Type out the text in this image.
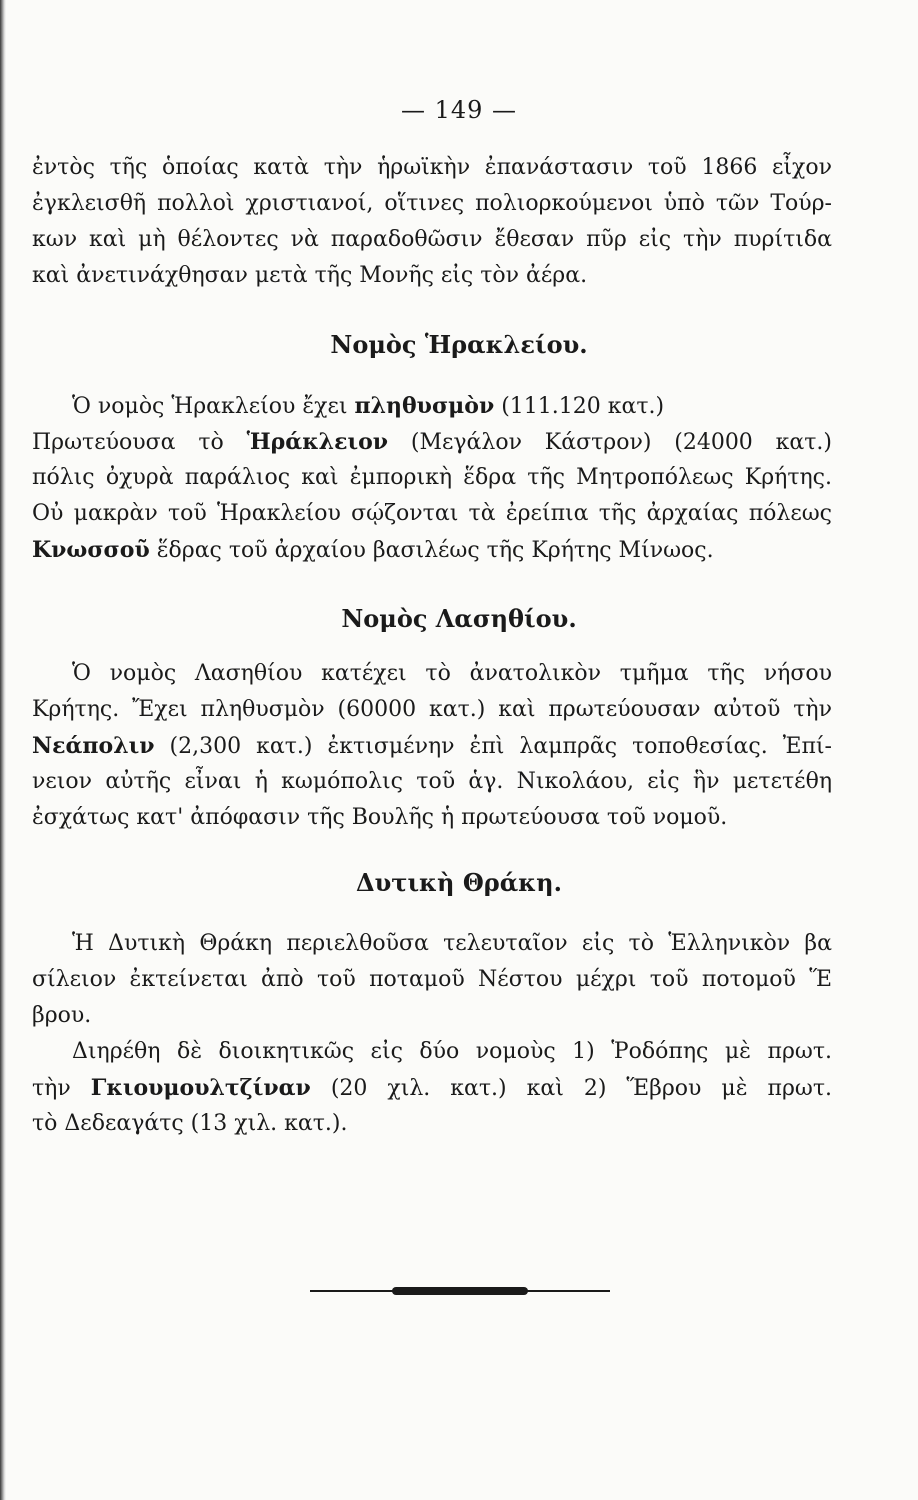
— 149 —
ἐντὸς τῆς ὁποίας κατὰ τὴν ἡρωϊκὴν ἐπανάστασιν τοῦ 1866 εἶχον
ἐγκλεισθῆ πολλοὶ χριστιανοί, οἵτινες πολιορκούμενοι ὑπὸ τῶν Τούρ-
κων καὶ μὴ θέλοντες νὰ παραδοθῶσιν ἔθεσαν πῦρ εἰς τὴν πυρίτιδα
καὶ ἀνετινάχθησαν μετὰ τῆς Μονῆς εἰς τὸν ἀέρα.
Νομὸς Ἡρακλείου.
Ὁ νομὸς Ἡρακλείου ἔχει πληθυσμὸν (111.120 κατ.)
Πρωτεύουσα τὸ Ἡράκλειον (Μεγάλον Κάστρον) (24000 κατ.)
πόλις ὀχυρὰ παράλιος καὶ ἐμπορικὴ ἕδρα τῆς Μητροπόλεως Κρήτης.
Οὐ μακρὰν τοῦ Ἡρακλείου σῴζονται τὰ ἐρείπια τῆς ἀρχαίας πόλεως
Κνωσσοῦ ἕδρας τοῦ ἀρχαίου βασιλέως τῆς Κρήτης Μίνωος.
Νομὸς Λασηθίου.
Ὁ νομὸς Λασηθίου κατέχει τὸ ἀνατολικὸν τμῆμα τῆς νήσου
Κρήτης. Ἔχει πληθυσμὸν (60000 κατ.) καὶ πρωτεύουσαν αὐτοῦ τὴν
Νεάπολιν (2,300 κατ.) ἐκτισμένην ἐπὶ λαμπρᾶς τοποθεσίας. Ἐπί-
νειον αὐτῆς εἶναι ἡ κωμόπολις τοῦ ἁγ. Νικολάου, εἰς ἣν μετετέθη
ἐσχάτως κατ' ἀπόφασιν τῆς Βουλῆς ἡ πρωτεύουσα τοῦ νομοῦ.
Δυτικὴ Θράκη.
Ἡ Δυτικὴ Θράκη περιελθοῦσα τελευταῖον εἰς τὸ Ἑλληνικὸν βα
σίλειον ἐκτείνεται ἀπὸ τοῦ ποταμοῦ Νέστου μέχρι τοῦ ποτομοῦ Ἕ
βρου.
Διηρέθη δὲ διοικητικῶς εἰς δύο νομοὺς 1) Ῥοδόπης μὲ πρωτ.
τὴν Γκιουμουλτζίναν (20 χιλ. κατ.) καὶ 2) Ἕβρου μὲ πρωτ.
τὸ Δεδεαγάτς (13 χιλ. κατ.).
